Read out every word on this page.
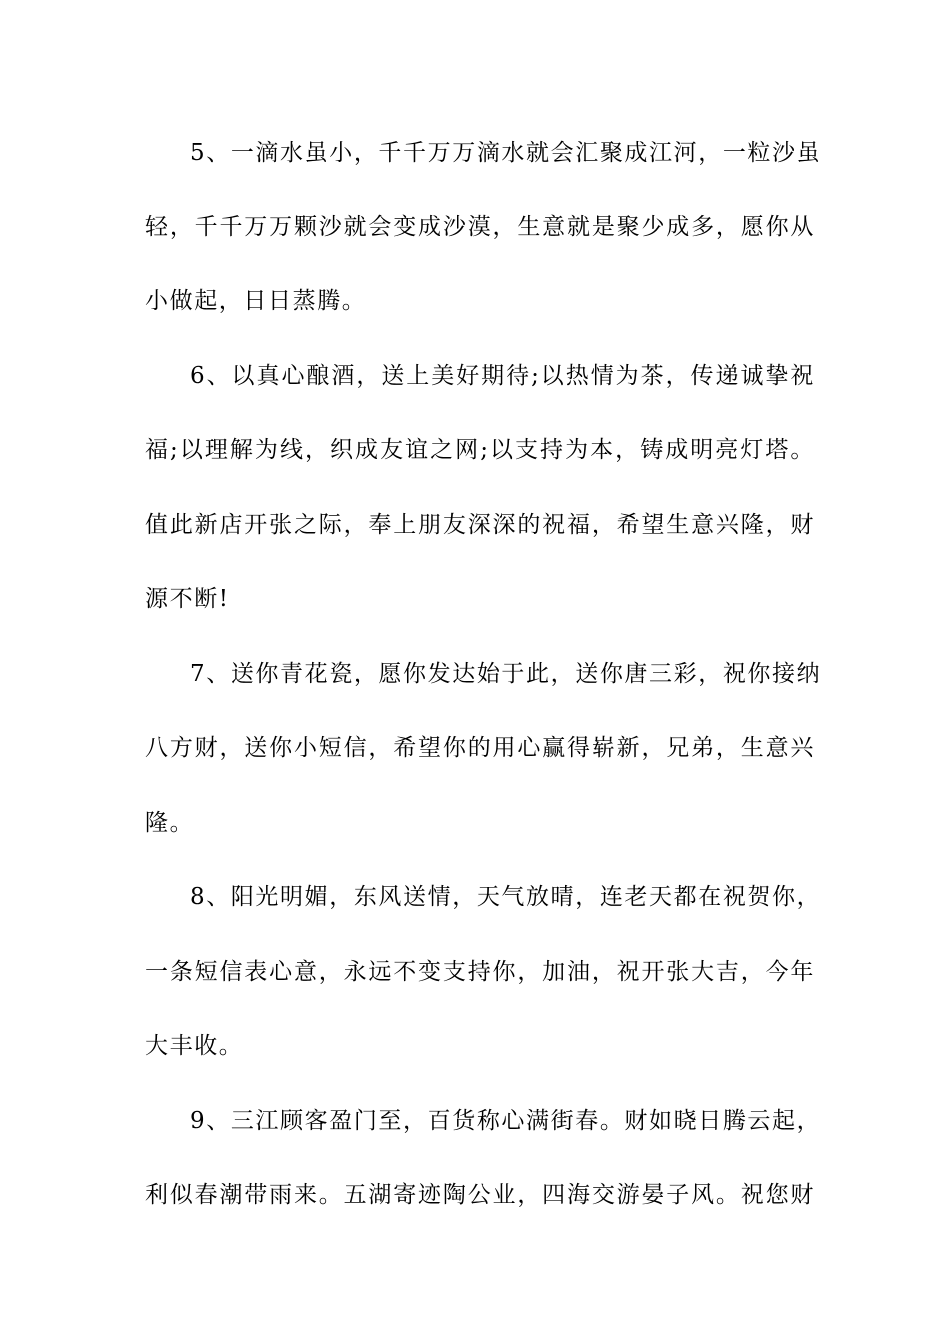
5、一滴水虽小，千千万万滴水就会汇聚成江河，一粒沙虽
轻，千千万万颗沙就会变成沙漠，生意就是聚少成多，愿你从
小做起，日日蒸腾。
6、以真心酿酒，送上美好期待;以热情为茶，传递诚挚祝
福;以理解为线，织成友谊之网;以支持为本，铸成明亮灯塔。
值此新店开张之际，奉上朋友深深的祝福，希望生意兴隆，财
源不断!
7、送你青花瓷，愿你发达始于此，送你唐三彩，祝你接纳
八方财，送你小短信，希望你的用心赢得崭新，兄弟，生意兴
隆。
8、阳光明媚，东风送情，天气放晴，连老天都在祝贺你，
一条短信表心意，永远不变支持你，加油，祝开张大吉，今年
大丰收。
9、三江顾客盈门至，百货称心满街春。财如晓日腾云起，
利似春潮带雨来。五湖寄迹陶公业，四海交游晏子风。祝您财
